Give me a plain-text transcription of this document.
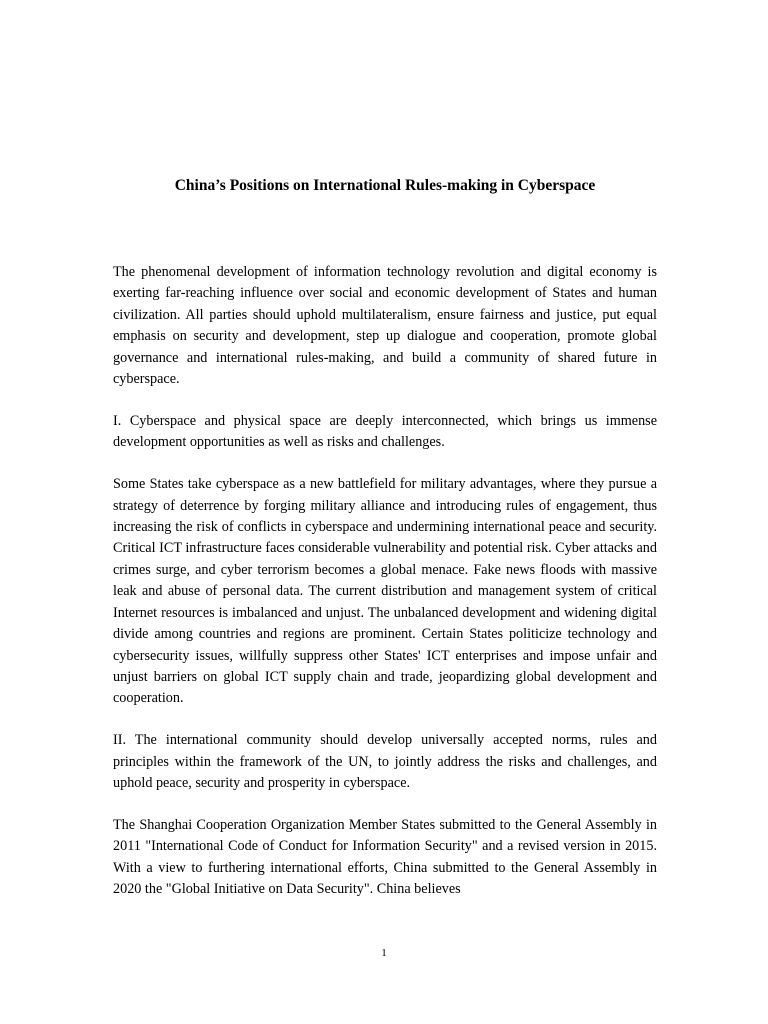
China’s Positions on International Rules-making in Cyberspace

The phenomenal development of information technology revolution and digital economy is exerting far-reaching influence over social and economic development of States and human civilization. All parties should uphold multilateralism, ensure fairness and justice, put equal emphasis on security and development, step up dialogue and cooperation, promote global governance and international rules-making, and build a community of shared future in cyberspace.

I. Cyberspace and physical space are deeply interconnected, which brings us immense development opportunities as well as risks and challenges.

Some States take cyberspace as a new battlefield for military advantages, where they pursue a strategy of deterrence by forging military alliance and introducing rules of engagement, thus increasing the risk of conflicts in cyberspace and undermining international peace and security. Critical ICT infrastructure faces considerable vulnerability and potential risk. Cyber attacks and crimes surge, and cyber terrorism becomes a global menace. Fake news floods with massive leak and abuse of personal data. The current distribution and management system of critical Internet resources is imbalanced and unjust. The unbalanced development and widening digital divide among countries and regions are prominent. Certain States politicize technology and cybersecurity issues, willfully suppress other States' ICT enterprises and impose unfair and unjust barriers on global ICT supply chain and trade, jeopardizing global development and cooperation.

II. The international community should develop universally accepted norms, rules and principles within the framework of the UN, to jointly address the risks and challenges, and uphold peace, security and prosperity in cyberspace.

The Shanghai Cooperation Organization Member States submitted to the General Assembly in 2011 "International Code of Conduct for Information Security" and a revised version in 2015. With a view to furthering international efforts, China submitted to the General Assembly in 2020 the "Global Initiative on Data Security". China believes

1
